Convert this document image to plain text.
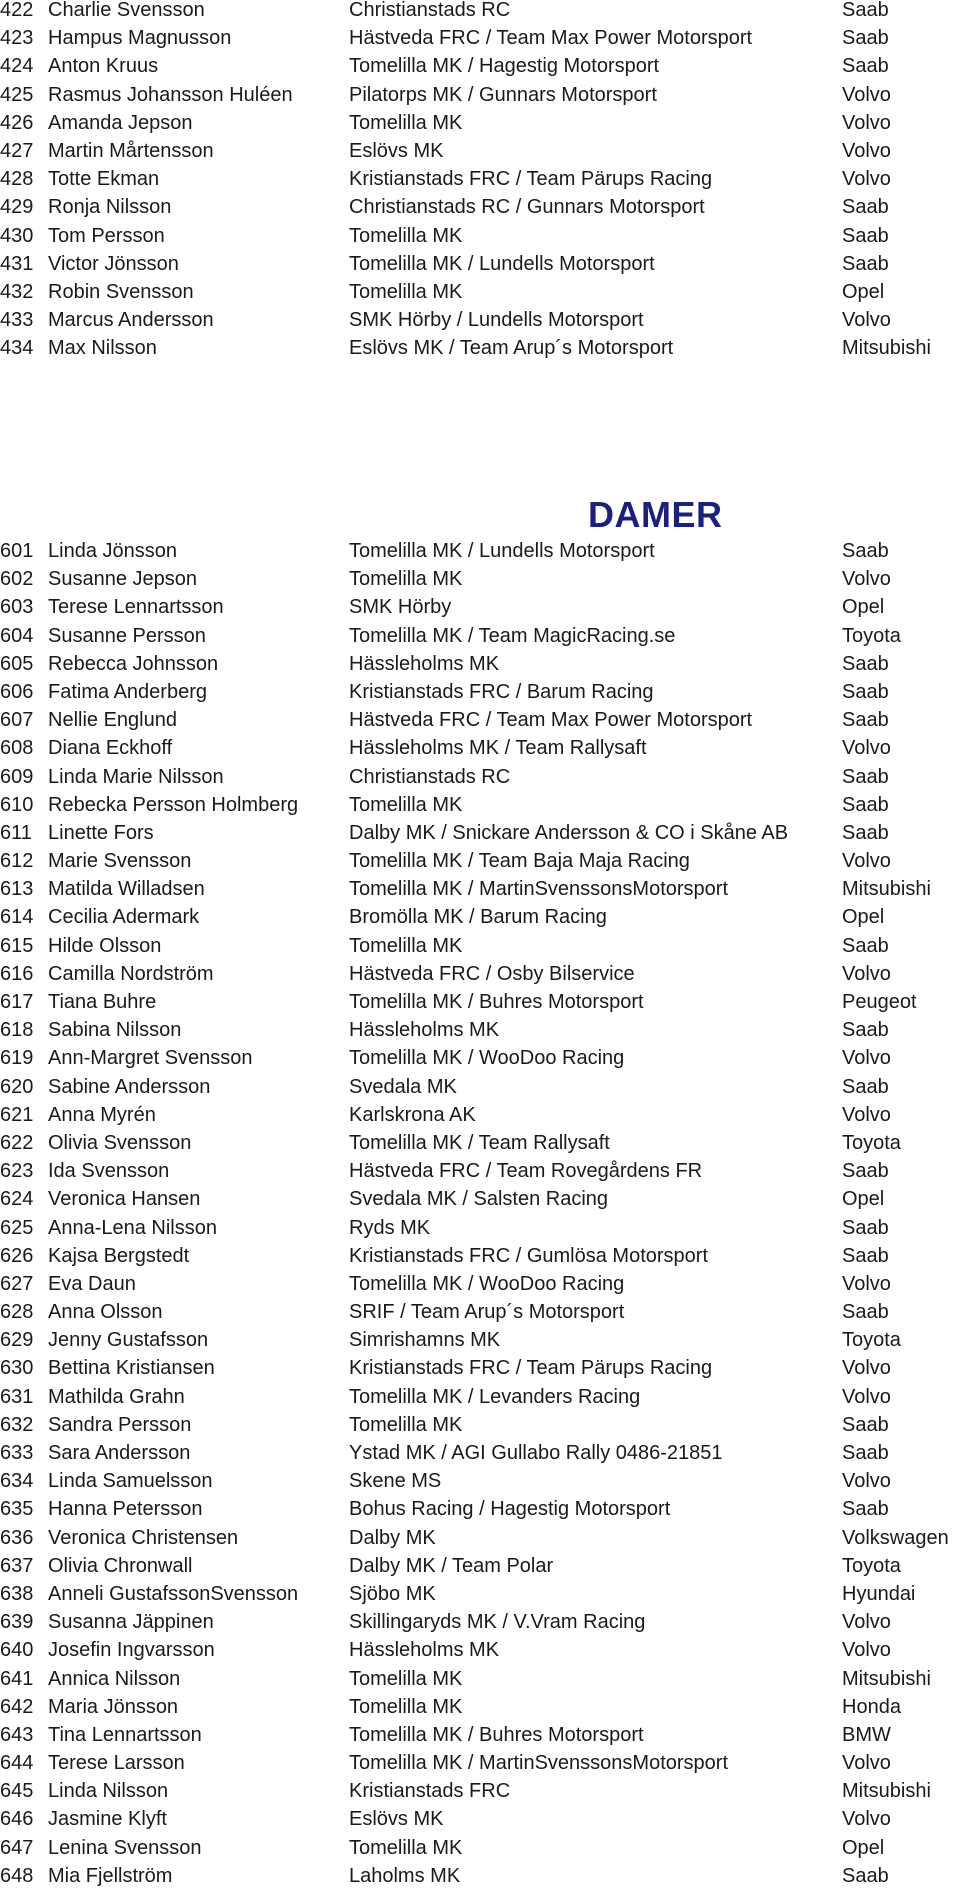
422 Charlie Svensson	Christianstads RC	Saab
423 Hampus Magnusson	Hästveda FRC / Team Max Power Motorsport	Saab
424 Anton Kruus	Tomelilla MK / Hagestig Motorsport	Saab
425 Rasmus Johansson Huléen	Pilatorps MK / Gunnars Motorsport	Volvo
426 Amanda Jepson	Tomelilla MK	Volvo
427 Martin Mårtensson	Eslövs MK	Volvo
428 Totte Ekman	Kristianstads FRC / Team Pärups Racing	Volvo
429 Ronja Nilsson	Christianstads RC / Gunnars Motorsport	Saab
430 Tom Persson	Tomelilla MK	Saab
431 Victor Jönsson	Tomelilla MK / Lundells Motorsport	Saab
432 Robin Svensson	Tomelilla MK	Opel
433 Marcus Andersson	SMK Hörby / Lundells Motorsport	Volvo
434 Max Nilsson	Eslövs MK / Team Arup´s Motorsport	Mitsubishi
DAMER
601 Linda Jönsson	Tomelilla MK / Lundells Motorsport	Saab
602 Susanne Jepson	Tomelilla MK	Volvo
603 Terese Lennartsson	SMK Hörby	Opel
604 Susanne Persson	Tomelilla MK / Team MagicRacing.se	Toyota
605 Rebecca Johnsson	Hässleholms MK	Saab
606 Fatima Anderberg	Kristianstads FRC / Barum Racing	Saab
607 Nellie Englund	Hästveda FRC / Team Max Power Motorsport	Saab
608 Diana Eckhoff	Hässleholms MK / Team Rallysaft	Volvo
609 Linda Marie Nilsson	Christianstads RC	Saab
610 Rebecka Persson Holmberg	Tomelilla MK	Saab
611 Linette Fors	Dalby MK / Snickare Andersson & CO i Skåne AB	Saab
612 Marie Svensson	Tomelilla MK / Team Baja Maja Racing	Volvo
613 Matilda Willadsen	Tomelilla MK / MartinSvenssonsMotorsport	Mitsubishi
614 Cecilia Adermark	Bromölla MK / Barum Racing	Opel
615 Hilde Olsson	Tomelilla MK	Saab
616 Camilla Nordström	Hästveda FRC / Osby Bilservice	Volvo
617 Tiana Buhre	Tomelilla MK / Buhres Motorsport	Peugeot
618 Sabina Nilsson	Hässleholms MK	Saab
619 Ann-Margret Svensson	Tomelilla MK / WooDoo Racing	Volvo
620 Sabine Andersson	Svedala MK	Saab
621 Anna Myrén	Karlskrona AK	Volvo
622 Olivia Svensson	Tomelilla MK / Team Rallysaft	Toyota
623 Ida Svensson	Hästveda FRC / Team Rovegårdens FR	Saab
624 Veronica Hansen	Svedala MK / Salsten Racing	Opel
625 Anna-Lena Nilsson	Ryds MK	Saab
626 Kajsa Bergstedt	Kristianstads FRC / Gumlösa Motorsport	Saab
627 Eva Daun	Tomelilla MK / WooDoo Racing	Volvo
628 Anna Olsson	SRIF / Team Arup´s Motorsport	Saab
629 Jenny Gustafsson	Simrishamns MK	Toyota
630 Bettina Kristiansen	Kristianstads FRC / Team Pärups Racing	Volvo
631 Mathilda Grahn	Tomelilla MK / Levanders Racing	Volvo
632 Sandra Persson	Tomelilla MK	Saab
633 Sara Andersson	Ystad MK / AGI Gullabo Rally 0486-21851	Saab
634 Linda Samuelsson	Skene MS	Volvo
635 Hanna Petersson	Bohus Racing / Hagestig Motorsport	Saab
636 Veronica Christensen	Dalby MK	Volkswagen
637 Olivia Chronwall	Dalby MK / Team Polar	Toyota
638 Anneli GustafssonSvensson	Sjöbo MK	Hyundai
639 Susanna Jäppinen	Skillingaryds MK / V.Vram Racing	Volvo
640 Josefin Ingvarsson	Hässleholms MK	Volvo
641 Annica Nilsson	Tomelilla MK	Mitsubishi
642 Maria Jönsson	Tomelilla MK	Honda
643 Tina Lennartsson	Tomelilla MK / Buhres Motorsport	BMW
644 Terese Larsson	Tomelilla MK / MartinSvenssonsMotorsport	Volvo
645 Linda Nilsson	Kristianstads FRC	Mitsubishi
646 Jasmine Klyft	Eslövs MK	Volvo
647 Lenina Svensson	Tomelilla MK	Opel
648 Mia Fjellström	Laholms MK	Saab
